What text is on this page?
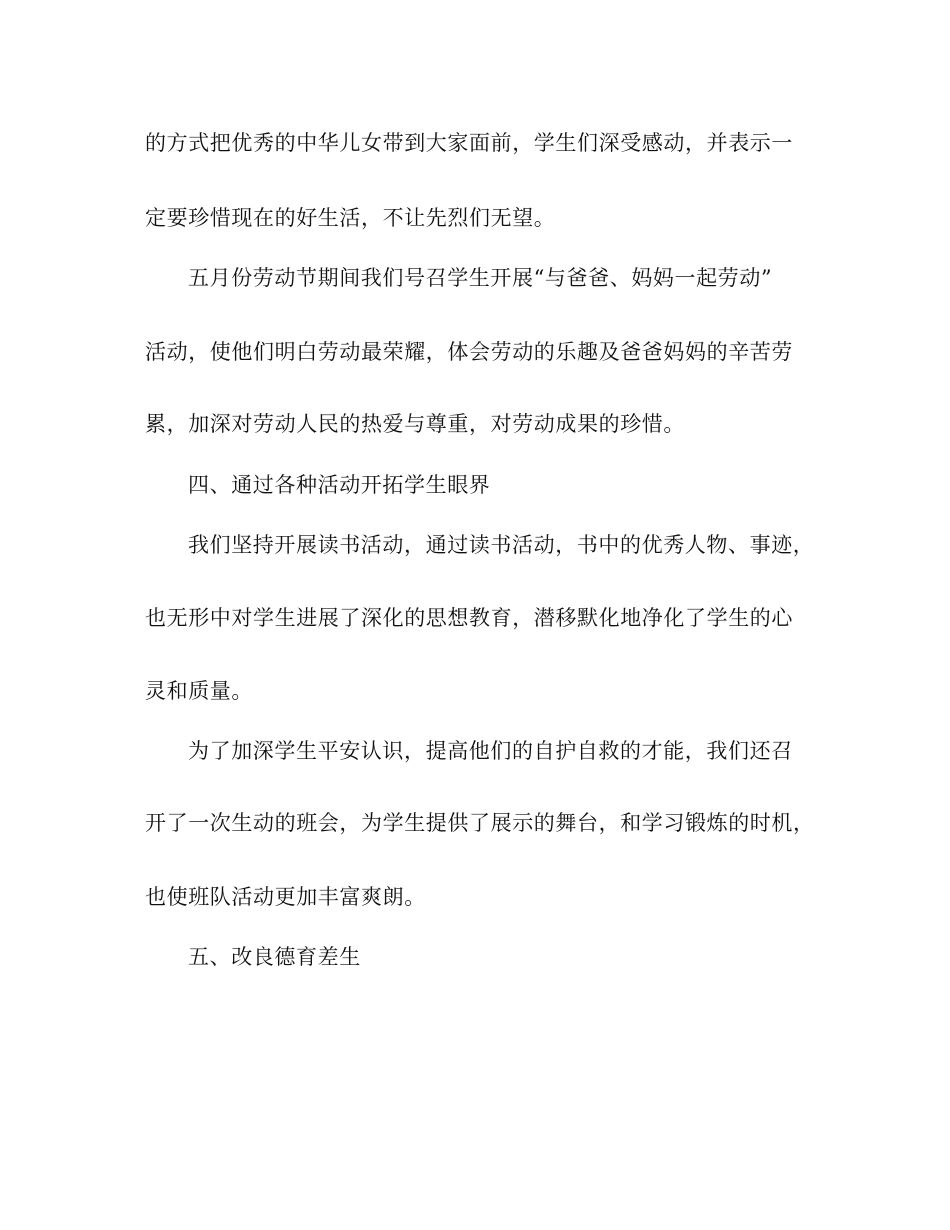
的方式把优秀的中华儿女带到大家面前，学生们深受感动，并表示一
定要珍惜现在的好生活，不让先烈们无望。
五月份劳动节期间我们号召学生开展“与爸爸、妈妈一起劳动”
活动，使他们明白劳动最荣耀，体会劳动的乐趣及爸爸妈妈的辛苦劳
累，加深对劳动人民的热爱与尊重，对劳动成果的珍惜。
四、通过各种活动开拓学生眼界
我们坚持开展读书活动，通过读书活动，书中的优秀人物、事迹，
也无形中对学生进展了深化的思想教育，潜移默化地净化了学生的心
灵和质量。
为了加深学生平安认识，提高他们的自护自救的才能，我们还召
开了一次生动的班会，为学生提供了展示的舞台，和学习锻炼的时机，
也使班队活动更加丰富爽朗。
五、改良德育差生
